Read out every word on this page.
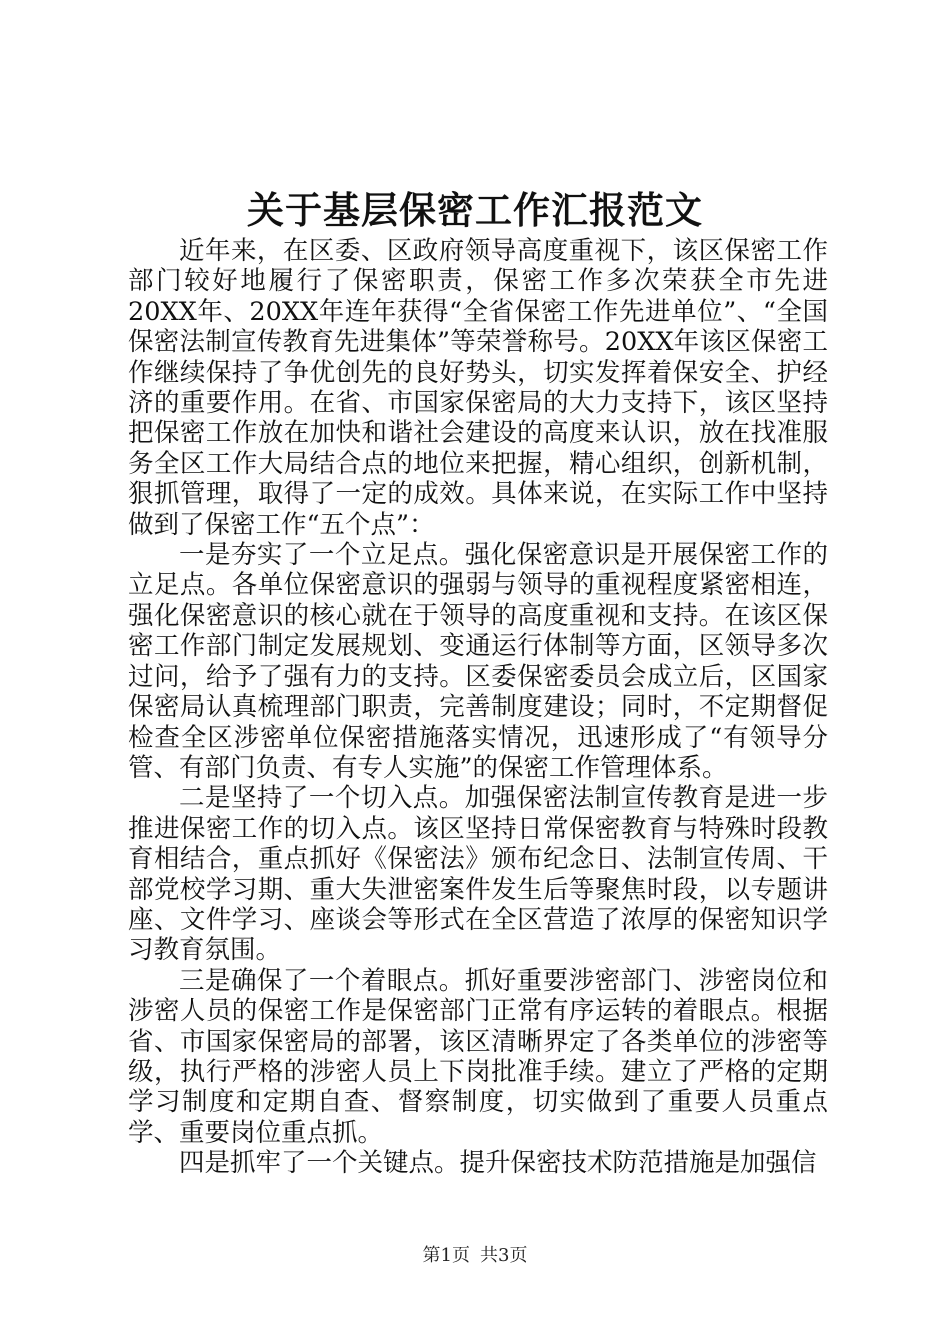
关于基层保密工作汇报范文

近年来，在区委、区政府领导高度重视下，该区保密工作部门较好地履行了保密职责，保密工作多次荣获全市先进20XX年、20XX年连年获得“全省保密工作先进单位”、“全国保密法制宣传教育先进集体”等荣誉称号。20XX年该区保密工作继续保持了争优创先的良好势头，切实发挥着保安全、护经济的重要作用。在省、市国家保密局的大力支持下，该区坚持把保密工作放在加快和谐社会建设的高度来认识，放在找准服务全区工作大局结合点的地位来把握，精心组织，创新机制，狠抓管理，取得了一定的成效。具体来说，在实际工作中坚持做到了保密工作“五个点”：

一是夯实了一个立足点。强化保密意识是开展保密工作的立足点。各单位保密意识的强弱与领导的重视程度紧密相连，强化保密意识的核心就在于领导的高度重视和支持。在该区保密工作部门制定发展规划、变通运行体制等方面，区领导多次过问，给予了强有力的支持。区委保密委员会成立后，区国家保密局认真梳理部门职责，完善制度建设；同时，不定期督促检查全区涉密单位保密措施落实情况，迅速形成了“有领导分管、有部门负责、有专人实施”的保密工作管理体系。

二是坚持了一个切入点。加强保密法制宣传教育是进一步推进保密工作的切入点。该区坚持日常保密教育与特殊时段教育相结合，重点抓好《保密法》颁布纪念日、法制宣传周、干部党校学习期、重大失泄密案件发生后等聚焦时段，以专题讲座、文件学习、座谈会等形式在全区营造了浓厚的保密知识学习教育氛围。

三是确保了一个着眼点。抓好重要涉密部门、涉密岗位和涉密人员的保密工作是保密部门正常有序运转的着眼点。根据省、市国家保密局的部署，该区清晰界定了各类单位的涉密等级，执行严格的涉密人员上下岗批准手续。建立了严格的定期学习制度和定期自查、督察制度，切实做到了重要人员重点学、重要岗位重点抓。

四是抓牢了一个关键点。提升保密技术防范措施是加强信

第1页 共3页
